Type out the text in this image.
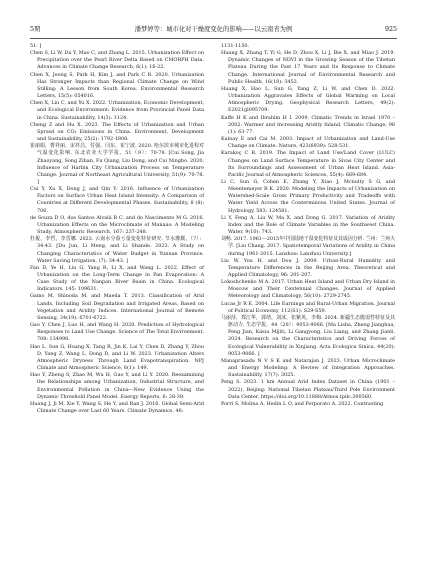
5期	潘梦婷等：城市化对干燥度变化的影响——以云南省为例	925

51. ]

Chen S, Li W, Du Y, Mao C, and Zhang L. 2015. Urbanization Effect on Precipitation over the Pearl River Delta Based on CMORPH Data. Advances in Climate Change Research, 6(1): 16-22.

Chen X, Jeong S, Park H, Kim J, and Park C R. 2020. Urbanization Has Stronger Impacts than Regional Climate Change on Wind Stilling: A Lesson from South Korea. Environmental Research Letters, 15(5): 054016.

Chen X, Liu C, and Yu X. 2022. Urbanization, Economic Development, and Ecological Environment: Evidence from Provincial Panel Data in China. Sustainability, 14(3): 1124.

Cheng Z and Hu X. 2023. The Effects of Urbanization and Urban Sprawl on CO₂ Emissions in China. Environment, Development and Sustainability, 25(2): 1792-1808.

崔丽娟，曹祥丽，宋祥昌，付强，闫东，崔宁波. 2020. 哈尔滨市城市化进程对气温变化影响. 东北农业大学学报，51（9）：70-78. [Cui Song, Jia Zhaoyang, Song Zihan, Fu Qiang, Liu Dong, and Cui Ningbo. 2020. Influence of Harbin City Urbanization Process on Temperature Change. Journal of Northeast Agricultural University, 51(9): 70-78. ]

Cui Y, Xu X, Dong J, and Qin Y. 2016. Influence of Urbanization Factors on Surface Urban Heat Island Intensity: A Comparison of Countries at Different Developmental Phases. Sustainability, 8 (8): 706.

de Souza D O, dos Santos Alvalá R C, and do Nascimento M G. 2016. Urbanization Effects on the Microclimate of Manaus: A Modeling Study. Atmospheric Research, 167: 237-248.

杜俊，李哲，李晋娜. 2023. 云南水分盈亏量变化特征研究. 节水灌溉，（7）：34-43. [Du Jun, Li Meng, and Li Shande. 2023. A Study on Changing Characteristics of Water Budget in Yunnan Province. Water Saving Irrigation, (7): 34-43. ]

Fan D, Ye H, Liu G, Yang R, Li X, and Wang L. 2022. Effect of Urbanization on the Long-Term Change in Pan Evaporation: A Case Study of the Nanpan River Basin in China. Ecological Indicators, 145: 109631.

Gamo M, Shinoda M, and Maeda T. 2013. Classification of Arid Lands, Including Soil Degradation and Irrigated Areas, Based on Vegetation and Aridity Indices. International Journal of Remote Sensing, 34(19): 6701-6722.

Gao Y, Chen J, Luo H, and Wang H. 2020. Prediction of Hydrological Responses to Land Use Change. Science of The Total Environment, 708: 134998.

Hao L, Sun G, Huang X, Tang R, Jin K, Lai Y, Chen D, Zhang Y, Zhou D, Yang Z, Wang L, Dong D, and Li W. 2023. Urbanization Alters Atmospheric Dryness Through Land Evapotranspiration. NPJ Climate and Atmospheric Science, 6(1): 149.

Hao Y, Zheng S, Zhao M, Wu H, Guo Y, and Li Y. 2020. Reexamining the Relationships among Urbanization, Industrial Structure, and Environmental Pollution in China—New Evidence Using the Dynamic Threshold Panel Model. Energy Reports, 6: 28-39.

Huang J, Ji M, Xie Y, Wang S, He Y, and Ran J. 2016. Global Semi-Arid Climate Change over Last 60 Years. Climate Dynamics, 46:

1131-1150.

Huang X, Zhang T, Yi G, He D, Zhou X, Li J, Bie X, and Miao J. 2019. Dynamic Changes of NDVI in the Growing Season of the Tibetan Plateau During the Past 17 Years and Its Response to Climate Change. International Journal of Environmental Research and Public Health, 16(18): 3452.

Huang X, Hao L, Sun G, Yang Z, Li W, and Chen D. 2022. Urbanization Aggravates Effects of Global Warming on Local Atmospheric Drying. Geophysical Research Letters, 49(2): E2021gl095709.

Kaffe H K and Ibrahim H I. 2009. Climatic Trends in Israel 1970 – 2002: Warmer and Increasing Aridity Inland. Climatic Change, 96 (1): 63-77.

Kalnay E and Cai M. 2003. Impact of Urbanization and Land-Use Change on Climate. Nature, 423(6939): 528-531.

Karakoç C B. 2019. The Impact of Land Use/Land Cover (LULC) Changes on Land Surface Temperature in Sivas City Center and Its Surroundings and Assessment of Urban Heat Island. Asia-Pacific Journal of Atmospheric Sciences, 55(4): 669-684.

Li C, Sun G, Cohen E, Zhang Y, Xiao J, Mcnulty S G, and Meentemeyer R K. 2020. Modeling the Impacts of Urbanization on Watershed-Scale Gross Primary Productivity and Tradeoffs with Water Yield Across the Conterminous United States. Journal of Hydrology, 583: 124581.

Li Y, Feng A, Liu W, Ma X, and Dong G. 2017. Variation of Aridity Index and the Role of Climate Variables in the Southwest China. Water, 9(10): 743.

刘畅. 2017. 1961—2015年中国陆地干湿变化特征及其成因分析. 兰州：兰州大学. [Liu Chang. 2017. Spatiotemporal Variations of Aridity in China during 1961-2015. Lanzhou: Lanzhou University.]

Liu W, You H, and Dou J. 2009. Urban-Rural Humidity and Temperature Differences in the Beijing Area. Theoretical and Applied Climatology, 96: 201-207.

Lokoshchenko M A. 2017. Urban Heat Island and Urban Dry Island in Moscow and Their Centennial Changes. Journal of Applied Meteorology and Climatology, 56(10): 2729-2745.

Lucas Jr R E. 2004. Life Earnings and Rural-Urban Migration. Journal of Political Economy, 112(S1): S29-S59.

马丽莎，郑江华，郭靖，刘冰，张紫英，李梅. 2024. 新疆生态脆弱性特征及其驱动力. 生态学报，44（20）：9053-9066. [Ma Lisha, Zheng Jianghua, Peng Jian, Kasiu Mijiti, Li Gangyong, Liu Liang, and Zhang Jianli. 2024. Research on the Characteristics and Driving Forces of Ecological Vulnerability in Xinjiang. Acta Ecologica Sinica, 44(20): 9053-9066. ]

Manaprasada N V S K and Natarajan J. 2023. Urban Microclimate and Energy Modeling: A Review of Integration Approaches. Sustainability, 17(7): 3025.

Peng S. 2023. 1 km Annual Arid Index Dataset in China (1901 – 2022). Beijing: National Tibetan Plateau/Third Pole Environment Data Center. https://doi.org/10.11888/Atmos.tpdc.300560.

Porri S, Molina A, Hedin L O, and Porporato A. 2022. Contrasting
